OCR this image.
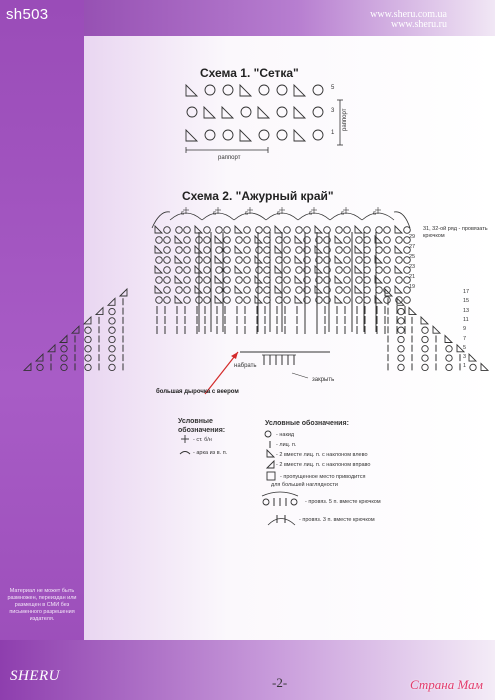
sh503	www.sheru.com.ua
www.sheru.ru
Схема 1. "Сетка"
5
3
1
раппорт
раппорт
Схема 2. "Ажурный край"
6	6	6	6	6	6	6
31, 32-ой ряд - провязать крючком
29
27
25
23
21
19
17
15
13
11
9
7
5
3
1
набрать
закрыть
большая дырочка с веером
Условные обозначения:
- ст. б/н
- арка из в. п.
Условные обозначения:
- накид
- лиц. п.
- 2 вместе лиц. п. с наклоном влево
- 2 вместе лиц. п. с наклоном вправо
- пропущенное место приводится
для большей наглядности
- провяз. 5 п. вместе крючком
- провяз. 3 п. вместе крючком
Материал не может быть размножен, переиздан или размещен в СМИ без письменного разрешения издателя.
SHERU	-2-	Страна Мам
